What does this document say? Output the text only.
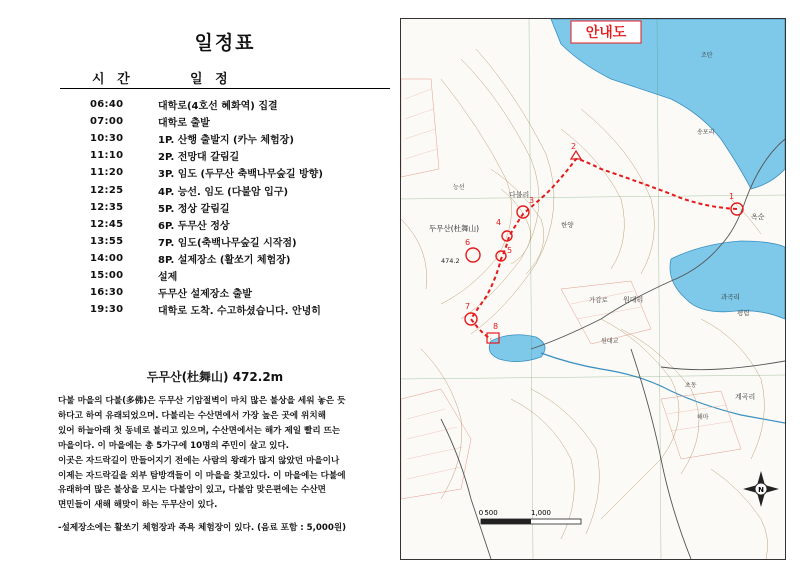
일정표
시 간	일 정
06:40	대학로(4호선 혜화역) 집결
07:00	대학로 출발
10:30	1P. 산행 출발지 (카누 체험장)
11:10	2P. 전망대 갈림길
11:20	3P. 임도 (두무산 축백나무숲길 방향)
12:25	4P. 능선. 임도 (다불암 입구)
12:35	5P. 정상 갈림길
12:45	6P. 두무산 정상
13:55	7P. 임도(축백나무숲길 시작점)
14:00	8P. 설제장소 (활쏘기 체험장)
15:00	설제
16:30	두무산 설제장소 출발
19:30	대학로 도착. 수고하셨습니다. 안녕히
두무산(杜舞山) 472.2m

다불 마을의 다불(多佛)은 두무산 기암절벽이 마치 많은 불상을 세워 놓은 듯

하다고 하여 유래되었으며. 다불리는 수산면에서 가장 높은 곳에 위치해

있어 하늘아래 첫 동네로 불리고 있으며, 수산면에서는 해가 제일 빨리 뜨는

마을이다. 이 마을에는 총 5가구에 10명의 주민이 살고 있다.

이곳은 자드락길이 만들어지기 전에는 사람의 왕래가 많지 않았던 마을이나

이제는 자드락길을 외부 탐방객들이 이 마을을 찾고있다. 이 마을에는 다불에

유래하여 많은 불상을 모시는 다불암이 있고, 다불암 맞은편에는 수산면

면민들이 새해 해맞이 하는 두무산이 있다.

-설제장소에는 활쏘기 체험장과 족욕 체험장이 있다. (음료 포함 : 5,000원)
1
2
3
4
5
6
7
8
안내도
두무산(杜舞山)
474.2
다불리
한양
가감로 원대리	과곡리
평림
계곡리
원대교
능선
조탄
송포리
초동
해마
옥순
0 500	1,000
N
